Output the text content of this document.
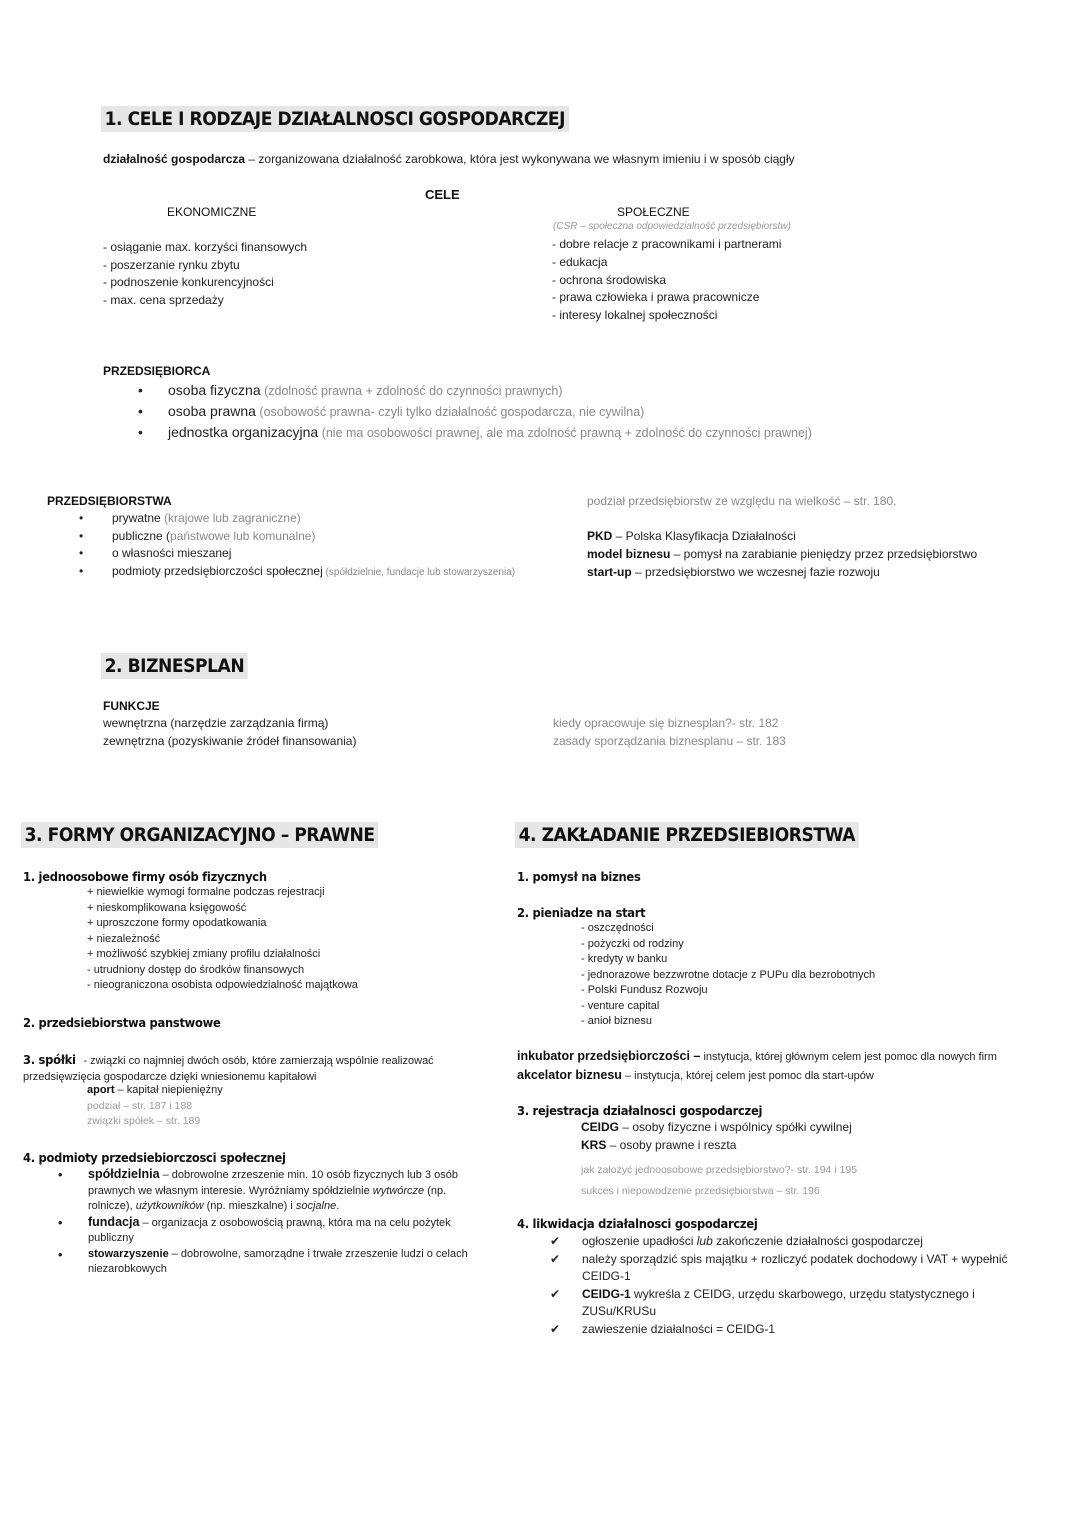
1. CELE I RODZAJE DZIAŁALNOSCI GOSPODARCZEJ
działalność gospodarcza – zorganizowana działalność zarobkowa, która jest wykonywana we własnym imieniu i w sposób ciągły
CELE
EKONOMICZNE
- osiąganie max. korzyści finansowych
- poszerzanie rynku zbytu
- podnoszenie konkurencyjności
- max. cena sprzedaży
SPOŁECZNE
(CSR – społeczna odpowiedzialność przedsiębiorstw)
- dobre relacje z pracownikami i partnerami
- edukacja
- ochrona środowiska
- prawa człowieka i prawa pracownicze
- interesy lokalnej społeczności
PRZEDSIĘBIORCA
• osoba fizyczna (zdolność prawna + zdolność do czynności prawnych)
• osoba prawna (osobowość prawna- czyli tylko działalność gospodarcza, nie cywilna)
• jednostka organizacyjna (nie ma osobowości prawnej, ale ma zdolność prawną + zdolność do czynności prawnej)
PRZEDSIĘBIORSTWA
• prywatne (krajowe lub zagraniczne)
• publiczne (państwowe lub komunalne)
• o własności mieszanej
• podmioty przedsiębiorczości społecznej (spółdzielnie, fundacje lub stowarzyszenia)
podział przedsiębiorstw ze względu na wielkość – str. 180.
PKD – Polska Klasyfikacja Działalności
model biznesu – pomysł na zarabianie pieniędzy przez przedsiębiorstwo
start-up – przedsiębiorstwo we wczesnej fazie rozwoju
2. BIZNESPLAN
FUNKCJE
wewnętrzna (narzędzie zarządzania firmą)
zewnętrzna (pozyskiwanie źródeł finansowania)
kiedy opracowuje się biznesplan?- str. 182
zasady sporządzania biznesplanu – str. 183
3. FORMY ORGANIZACYJNO – PRAWNE
1. jednoosobowe firmy osób fizycznych
+ niewielkie wymogi formalne podczas rejestracji
+ nieskomplikowana księgowość
+ uproszczone formy opodatkowania
+ niezależność
+ możliwość szybkiej zmiany profilu działalności
- utrudniony dostęp do środków finansowych
- nieograniczona osobista odpowiedzialność majątkowa
2. przedsiebiorstwa panstwowe
3. spółki - związki co najmniej dwóch osób, które zamierzają wspólnie realizować
przedsięwzięcia gospodarcze dzięki wniesionemu kapitałowi
aport – kapitał niepieniężny
podział – str. 187 i 188
związki spółek – str. 189
4. podmioty przedsiebiorczosci społecznej
• spółdzielnia – dobrowolne zrzeszenie min. 10 osób fizycznych lub 3 osób
prawnych we własnym interesie. Wyróżniamy spółdzielnie wytwórcze (np.
rolnicze), użytkowników (np. mieszkalne) i socjalne.
• fundacja – organizacja z osobowością prawną, która ma na celu pożytek
publiczny
• stowarzyszenie – dobrowolne, samorządne i trwałe zrzeszenie ludzi o celach
niezarobkowych
4. ZAKŁADANIE PRZEDSIEBIORSTWA
1. pomysł na biznes
2. pieniadze na start
- oszczędności
- pożyczki od rodziny
- kredyty w banku
- jednorazowe bezzwrotne dotacje z PUPu dla bezrobotnych
- Polski Fundusz Rozwoju
- venture capital
- anioł biznesu
inkubator przedsiębiorczości – instytucja, której głównym celem jest pomoc dla nowych firm
akcelator biznesu – instytucja, której celem jest pomoc dla start-upów
3. rejestracja działalnosci gospodarczej
CEIDG – osoby fizyczne i wspólnicy spółki cywilnej
KRS – osoby prawne i reszta
jak założyć jednoosobowe przedsiębiorstwo?- str. 194 i 195
sukces i niepowodzenie przedsiębiorstwa – str. 196
4. likwidacja działalnosci gospodarczej
✔ ogłoszenie upadłości lub zakończenie działalności gospodarczej
✔ należy sporządzić spis majątku + rozliczyć podatek dochodowy i VAT + wypełnić
CEIDG-1
✔ CEIDG-1 wykreśla z CEIDG, urzędu skarbowego, urzędu statystycznego i
ZUSu/KRUSu
✔ zawieszenie działalności = CEIDG-1
